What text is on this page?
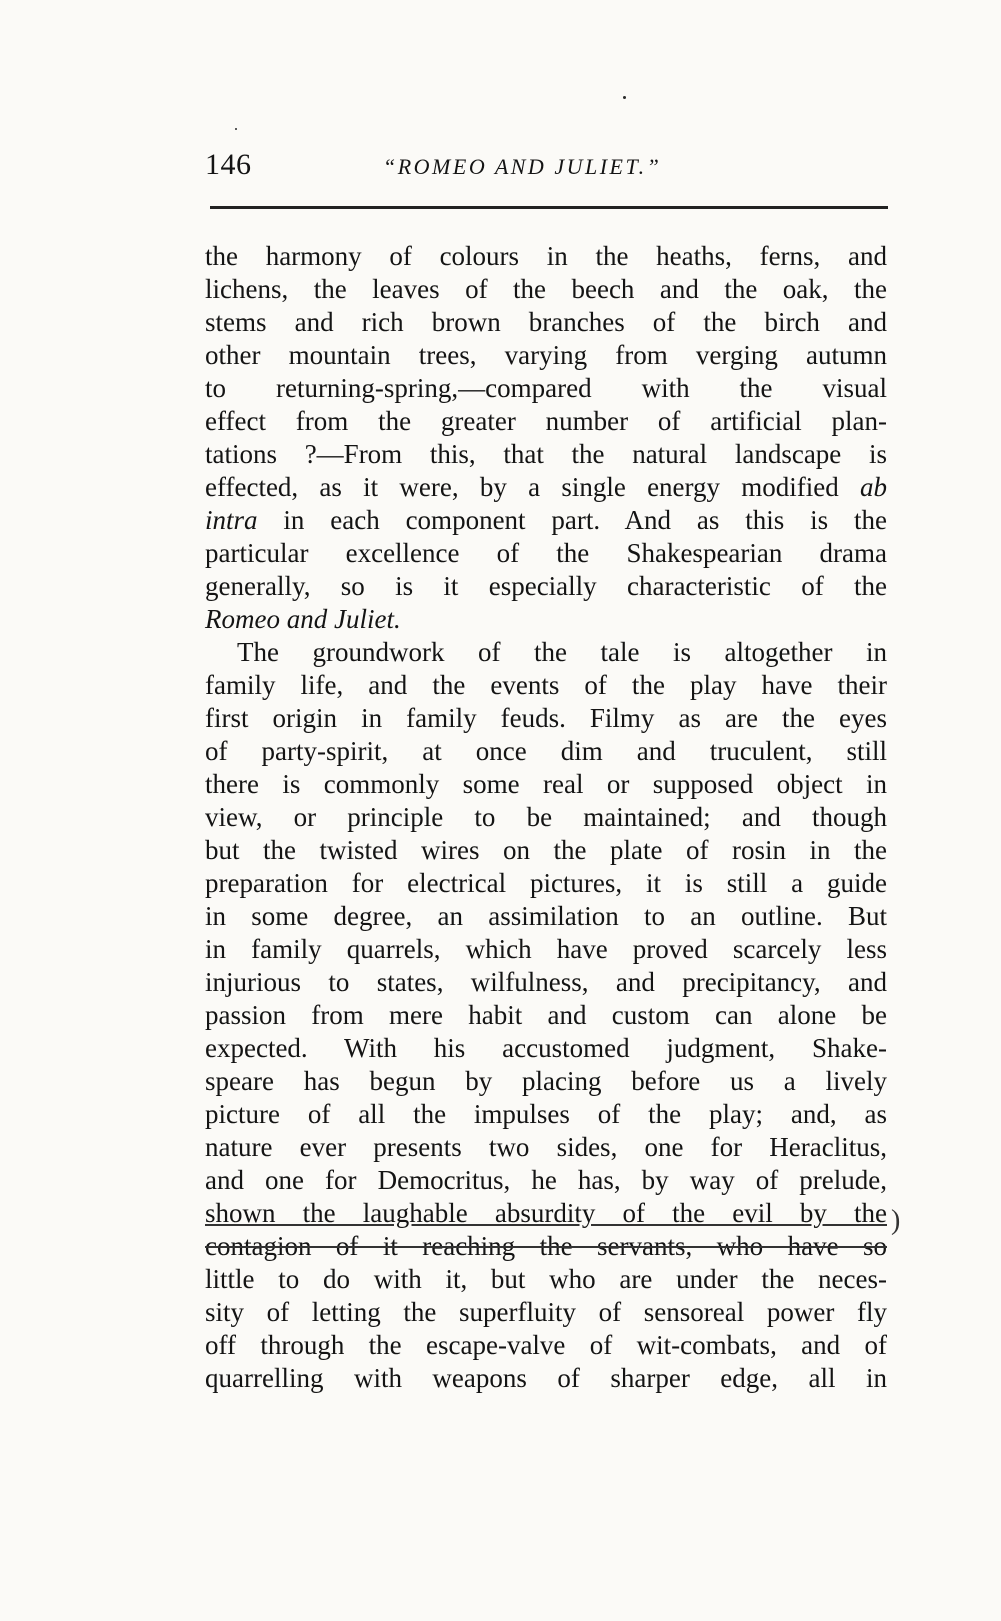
146	“ROMEO AND JULIET.”
the harmony of colours in the heaths, ferns, and
lichens, the leaves of the beech and the oak, the
stems and rich brown branches of the birch and
other mountain trees, varying from verging autumn
to returning-spring,—compared with the visual
effect from the greater number of artificial plan-
tations ?—From this, that the natural landscape is
effected, as it were, by a single energy modified ab
intra in each component part. And as this is the
particular excellence of the Shakespearian drama
generally, so is it especially characteristic of the
Romeo and Juliet.
The groundwork of the tale is altogether in
family life, and the events of the play have their
first origin in family feuds. Filmy as are the eyes
of party-spirit, at once dim and truculent, still
there is commonly some real or supposed object in
view, or principle to be maintained; and though
but the twisted wires on the plate of rosin in the
preparation for electrical pictures, it is still a guide
in some degree, an assimilation to an outline. But
in family quarrels, which have proved scarcely less
injurious to states, wilfulness, and precipitancy, and
passion from mere habit and custom can alone be
expected. With his accustomed judgment, Shake-
speare has begun by placing before us a lively
picture of all the impulses of the play; and, as
nature ever presents two sides, one for Heraclitus,
and one for Democritus, he has, by way of prelude,
shown the laughable absurdity of the evil by the
contagion of it reaching the servants, who have so
little to do with it, but who are under the neces-
sity of letting the superfluity of sensoreal power fly
off through the escape-valve of wit-combats, and of
quarrelling with weapons of sharper edge, all in
)
